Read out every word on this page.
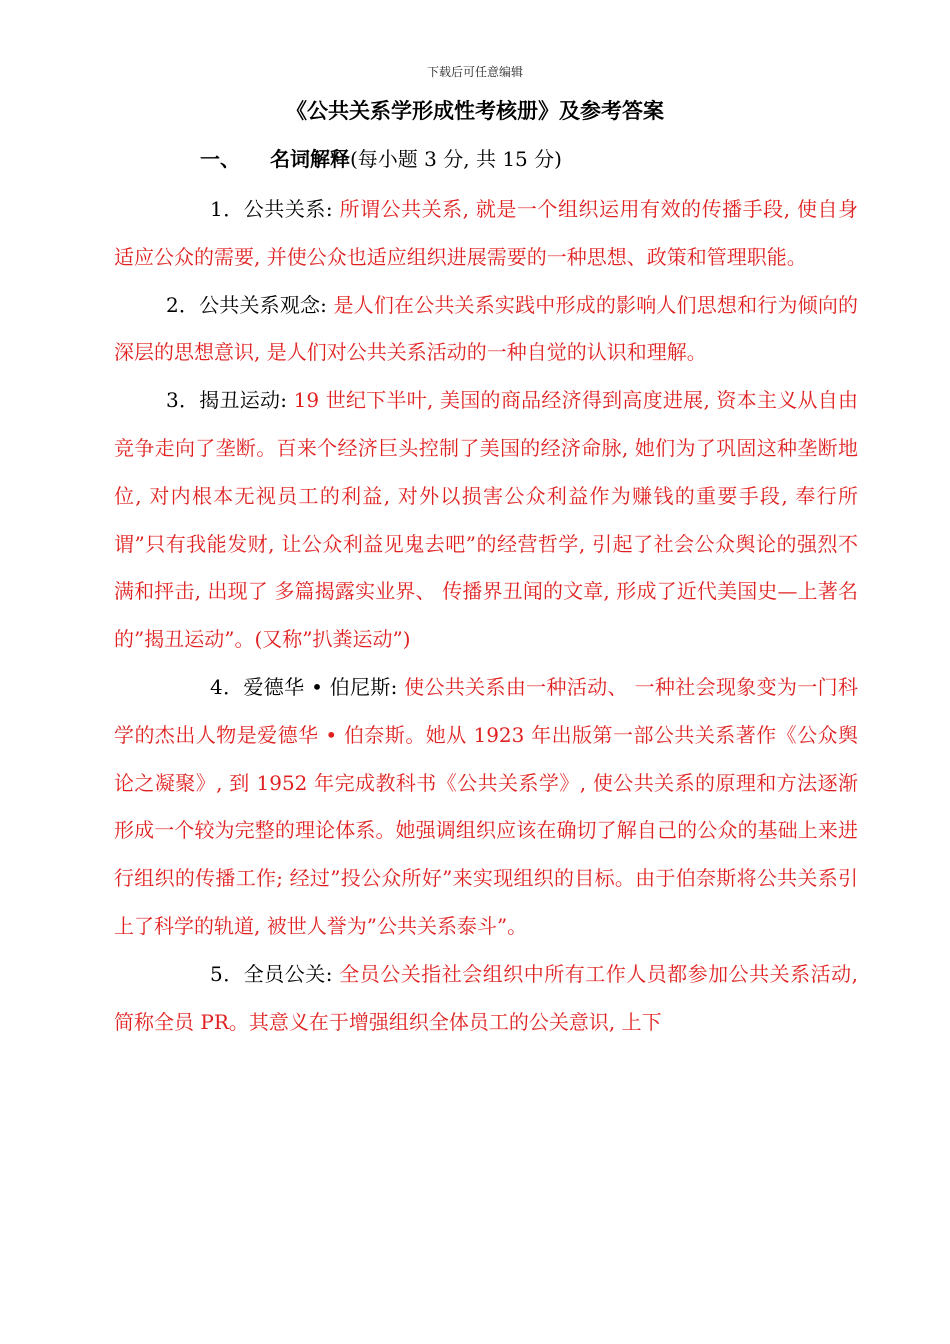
下载后可任意编辑
《公共关系学形成性考核册》及参考答案
一、 名词解释(每小题 3 分, 共 15 分)

1．公共关系: 所谓公共关系, 就是一个组织运用有效的传播手段, 使自身适应公众的需要, 并使公众也适应组织进展需要的一种思想、政策和管理职能。

2．公共关系观念: 是人们在公共关系实践中形成的影响人们思想和行为倾向的深层的思想意识, 是人们对公共关系活动的一种自觉的认识和理解。

3．揭丑运动: 19 世纪下半叶, 美国的商品经济得到高度进展, 资本主义从自由竞争走向了垄断。百来个经济巨头控制了美国的经济命脉, 她们为了巩固这种垄断地位, 对内根本无视员工的利益, 对外以损害公众利益作为赚钱的重要手段, 奉行所谓”只有我能发财, 让公众利益见鬼去吧”的经营哲学, 引起了社会公众舆论的强烈不满和抨击, 出现了 多篇揭露实业界、 传播界丑闻的文章, 形成了近代美国史—上著名的”揭丑运动”。(又称”扒粪运动”)

4．爱德华 • 伯尼斯: 使公共关系由一种活动、 一种社会现象变为一门科学的杰出人物是爱德华 • 伯奈斯。她从 1923 年出版第一部公共关系著作《公众舆论之凝聚》, 到 1952 年完成教科书《公共关系学》, 使公共关系的原理和方法逐渐形成一个较为完整的理论体系。她强调组织应该在确切了解自己的公众的基础上来进行组织的传播工作; 经过”投公众所好”来实现组织的目标。由于伯奈斯将公共关系引上了科学的轨道, 被世人誉为”公共关系泰斗”。

5．全员公关: 全员公关指社会组织中所有工作人员都参加公共关系活动, 简称全员 PR。其意义在于增强组织全体员工的公关意识, 上下
